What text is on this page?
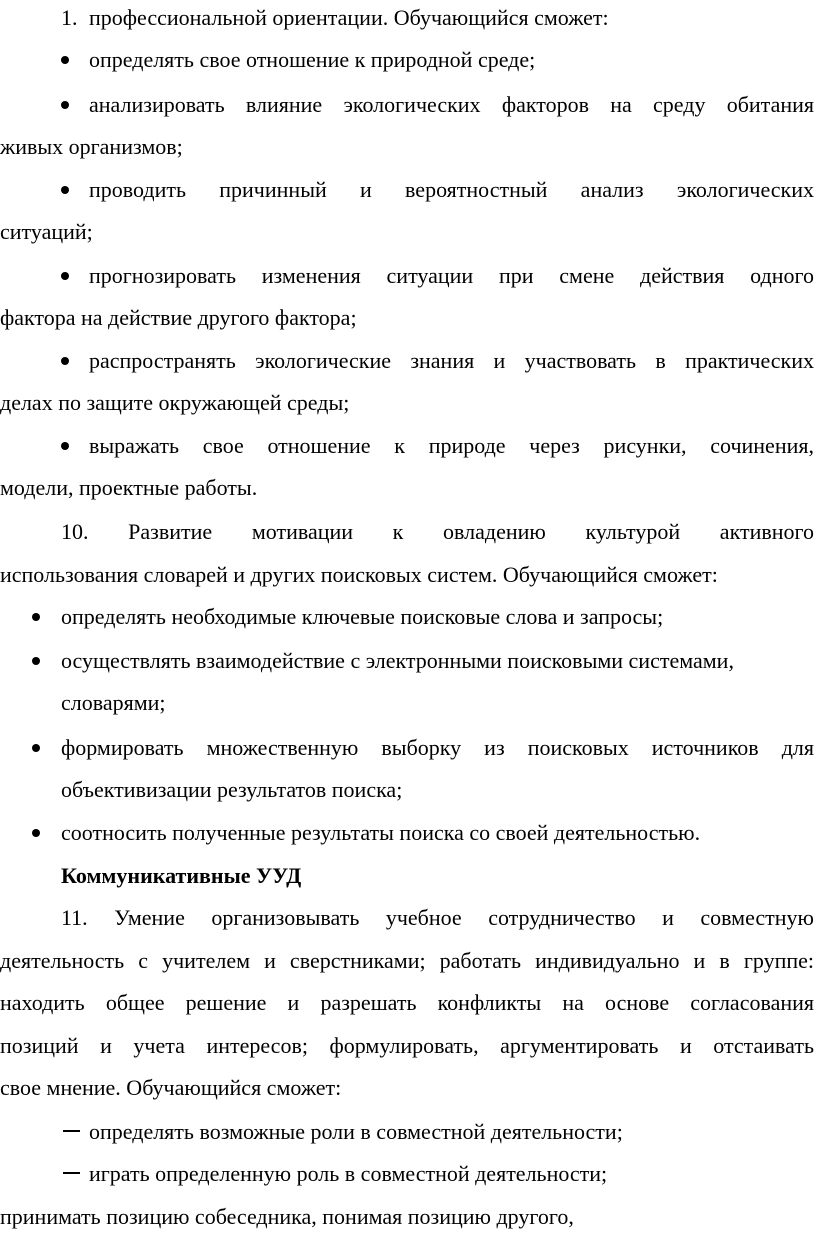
1. профессиональной ориентации. Обучающийся сможет:
определять свое отношение к природной среде;
анализировать влияние экологических факторов на среду обитания
живых организмов;
проводить причинный и вероятностный анализ экологических
ситуаций;
прогнозировать изменения ситуации при смене действия одного
фактора на действие другого фактора;
распространять экологические знания и участвовать в практических
делах по защите окружающей среды;
выражать свое отношение к природе через рисунки, сочинения,
модели, проектные работы.
10. Развитие мотивации к овладению культурой активного
использования словарей и других поисковых систем. Обучающийся сможет:
определять необходимые ключевые поисковые слова и запросы;
осуществлять взаимодействие с электронными поисковыми системами,
словарями;
формировать множественную выборку из поисковых источников для
объективизации результатов поиска;
соотносить полученные результаты поиска со своей деятельностью.
Коммуникативные УУД
11. Умение организовывать учебное сотрудничество и совместную
деятельность с учителем и сверстниками; работать индивидуально и в группе:
находить общее решение и разрешать конфликты на основе согласования
позиций и учета интересов; формулировать, аргументировать и отстаивать
свое мнение. Обучающийся сможет:
определять возможные роли в совместной деятельности;
играть определенную роль в совместной деятельности;
принимать позицию собеседника, понимая позицию другого,
